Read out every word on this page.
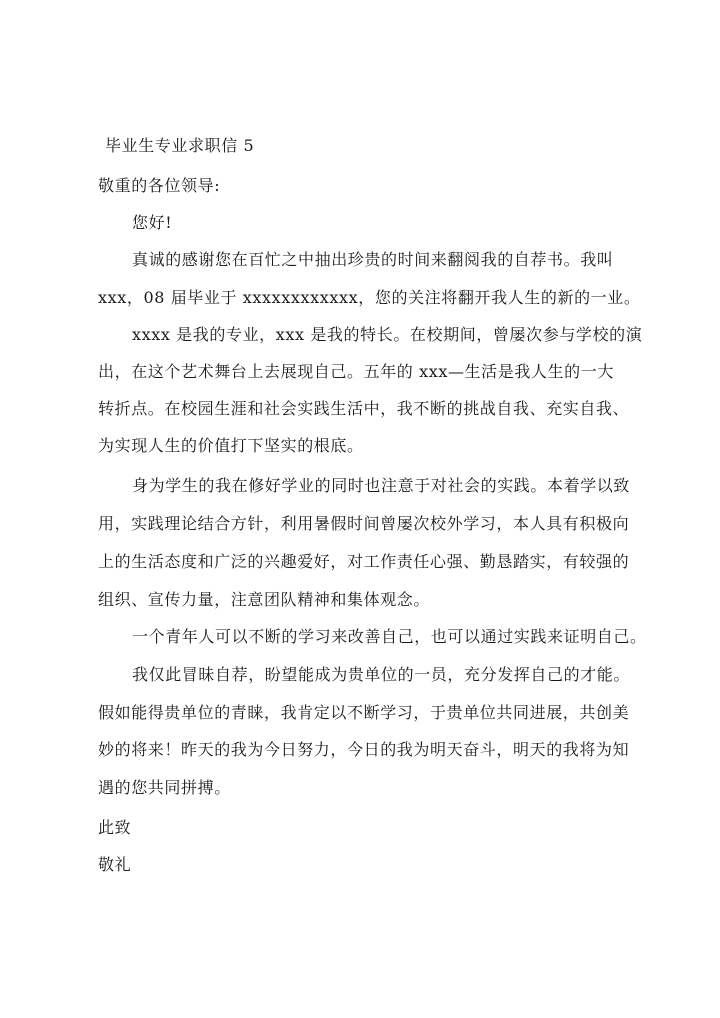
毕业生专业求职信 5
敬重的各位领导:
您好!
真诚的感谢您在百忙之中抽出珍贵的时间来翻阅我的自荐书。我叫
xxx，08 届毕业于 xxxxxxxxxxxx，您的关注将翻开我人生的新的一业。
xxxx 是我的专业，xxx 是我的特长。在校期间，曾屡次参与学校的演
出，在这个艺术舞台上去展现自己。五年的 xxx—生活是我人生的一大
转折点。在校园生涯和社会实践生活中，我不断的挑战自我、充实自我、
为实现人生的价值打下坚实的根底。
身为学生的我在修好学业的同时也注意于对社会的实践。本着学以致
用，实践理论结合方针，利用暑假时间曾屡次校外学习，本人具有积极向
上的生活态度和广泛的兴趣爱好，对工作责任心强、勤恳踏实，有较强的
组织、宣传力量，注意团队精神和集体观念。
一个青年人可以不断的学习来改善自己，也可以通过实践来证明自己。
我仅此冒昧自荐，盼望能成为贵单位的一员，充分发挥自己的才能。
假如能得贵单位的青睐，我肯定以不断学习，于贵单位共同进展，共创美
妙的将来！昨天的我为今日努力，今日的我为明天奋斗，明天的我将为知
遇的您共同拼搏。
此致
敬礼
